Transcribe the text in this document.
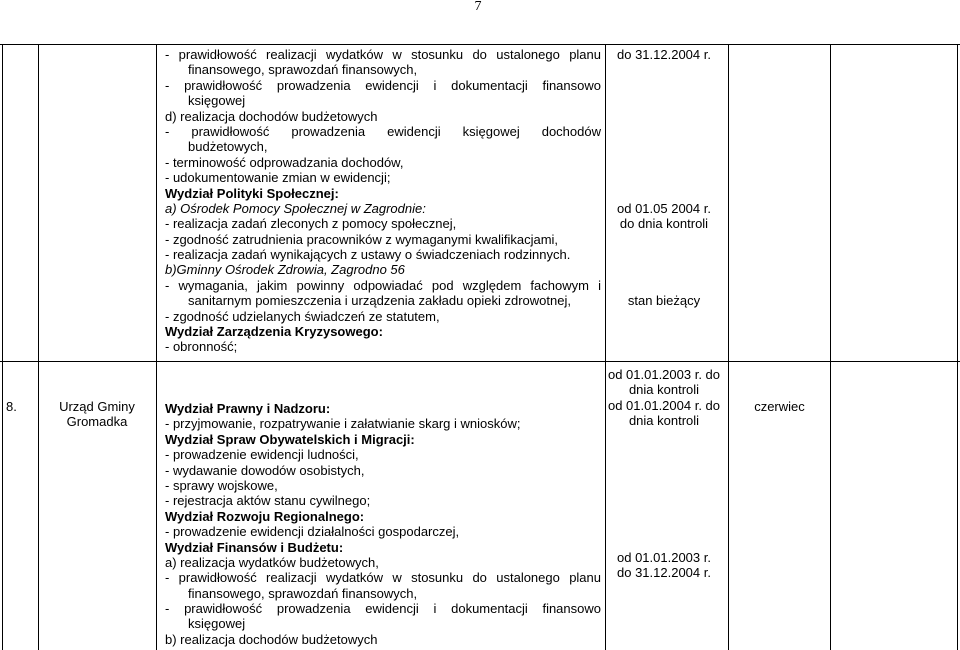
7
- prawidłowość realizacji wydatków w stosunku do ustalonego planu
finansowego, sprawozdań finansowych,
- prawidłowość prowadzenia ewidencji i dokumentacji finansowo
księgowej
d) realizacja dochodów budżetowych
- prawidłowość prowadzenia ewidencji księgowej dochodów
budżetowych,
- terminowość odprowadzania dochodów,
- udokumentowanie zmian w ewidencji;
Wydział Polityki Społecznej:
a) Ośrodek Pomocy Społecznej w Zagrodnie:
- realizacja zadań zleconych z pomocy społecznej,
- zgodność zatrudnienia pracowników z wymaganymi kwalifikacjami,
- realizacja zadań wynikających z ustawy o świadczeniach rodzinnych.
b)Gminny Ośrodek Zdrowia, Zagrodno 56
- wymagania, jakim powinny odpowiadać pod względem fachowym i
sanitarnym pomieszczenia i urządzenia zakładu opieki zdrowotnej,
- zgodność udzielanych świadczeń ze statutem,
Wydział Zarządzenia Kryzysowego:
- obronność;
do 31.12.2004 r.
od 01.05 2004 r.
do dnia kontroli
stan bieżący
8.	Urząd Gminy
Gromadka
Wydział Prawny i Nadzoru:
- przyjmowanie, rozpatrywanie i załatwianie skarg i wniosków;
Wydział Spraw Obywatelskich i Migracji:
- prowadzenie ewidencji ludności,
- wydawanie dowodów osobistych,
- sprawy wojskowe,
- rejestracja aktów stanu cywilnego;
Wydział Rozwoju Regionalnego:
- prowadzenie ewidencji działalności gospodarczej,
Wydział Finansów i Budżetu:
a) realizacja wydatków budżetowych,
- prawidłowość realizacji wydatków w stosunku do ustalonego planu
finansowego, sprawozdań finansowych,
- prawidłowość prowadzenia ewidencji i dokumentacji finansowo
księgowej
b) realizacja dochodów budżetowych
od 01.01.2003 r. do
dnia kontroli
od 01.01.2004 r. do
dnia kontroli
od 01.01.2003 r.
do 31.12.2004 r.
czerwiec
